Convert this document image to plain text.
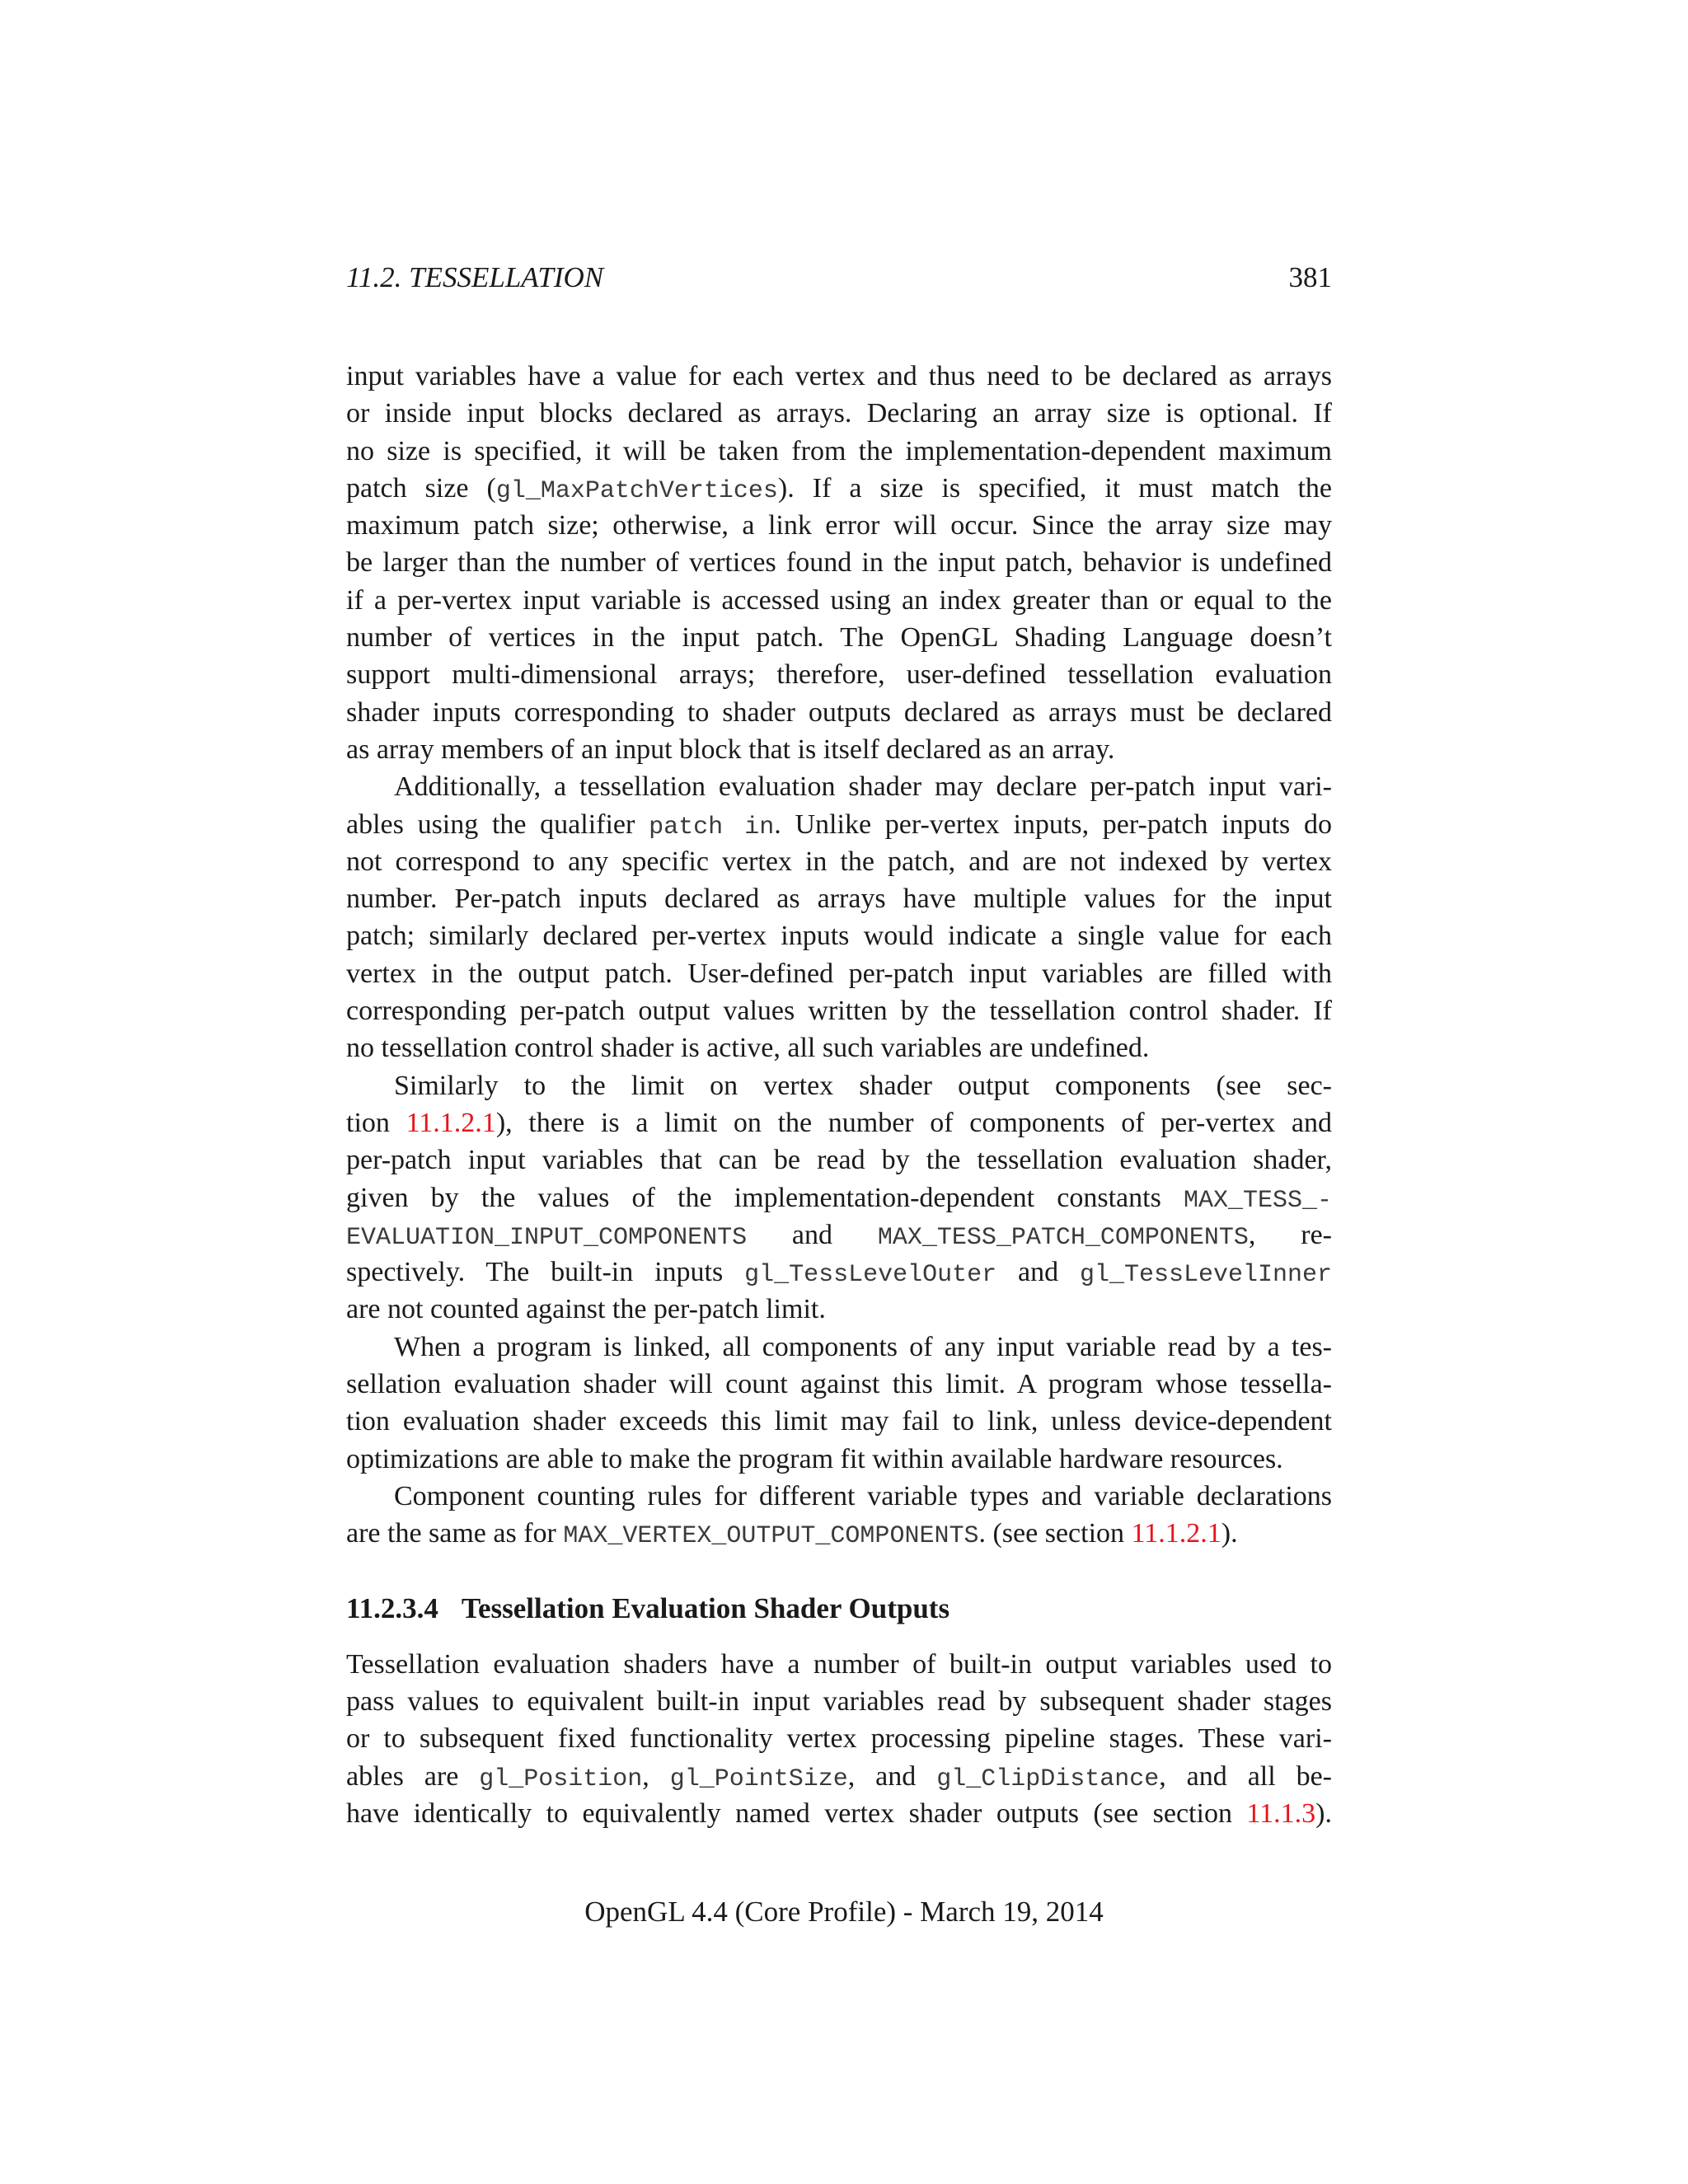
11.2. TESSELLATION	381
input variables have a value for each vertex and thus need to be declared as arrays
or inside input blocks declared as arrays. Declaring an array size is optional. If
no size is specified, it will be taken from the implementation-dependent maximum
patch size (gl_MaxPatchVertices). If a size is specified, it must match the
maximum patch size; otherwise, a link error will occur. Since the array size may
be larger than the number of vertices found in the input patch, behavior is undefined
if a per-vertex input variable is accessed using an index greater than or equal to the
number of vertices in the input patch. The OpenGL Shading Language doesn’t
support multi-dimensional arrays; therefore, user-defined tessellation evaluation
shader inputs corresponding to shader outputs declared as arrays must be declared
as array members of an input block that is itself declared as an array.
Additionally, a tessellation evaluation shader may declare per-patch input vari-
ables using the qualifier patch in. Unlike per-vertex inputs, per-patch inputs do
not correspond to any specific vertex in the patch, and are not indexed by vertex
number. Per-patch inputs declared as arrays have multiple values for the input
patch; similarly declared per-vertex inputs would indicate a single value for each
vertex in the output patch. User-defined per-patch input variables are filled with
corresponding per-patch output values written by the tessellation control shader. If
no tessellation control shader is active, all such variables are undefined.
Similarly to the limit on vertex shader output components (see sec-
tion 11.1.2.1), there is a limit on the number of components of per-vertex and
per-patch input variables that can be read by the tessellation evaluation shader,
given by the values of the implementation-dependent constants MAX_TESS_-
EVALUATION_INPUT_COMPONENTS and MAX_TESS_PATCH_COMPONENTS, re-
spectively. The built-in inputs gl_TessLevelOuter and gl_TessLevelInner
are not counted against the per-patch limit.
When a program is linked, all components of any input variable read by a tes-
sellation evaluation shader will count against this limit. A program whose tessella-
tion evaluation shader exceeds this limit may fail to link, unless device-dependent
optimizations are able to make the program fit within available hardware resources.
Component counting rules for different variable types and variable declarations
are the same as for MAX_VERTEX_OUTPUT_COMPONENTS. (see section 11.1.2.1).
11.2.3.4 Tessellation Evaluation Shader Outputs
Tessellation evaluation shaders have a number of built-in output variables used to
pass values to equivalent built-in input variables read by subsequent shader stages
or to subsequent fixed functionality vertex processing pipeline stages. These vari-
ables are gl_Position, gl_PointSize, and gl_ClipDistance, and all be-
have identically to equivalently named vertex shader outputs (see section 11.1.3).
OpenGL 4.4 (Core Profile) - March 19, 2014
